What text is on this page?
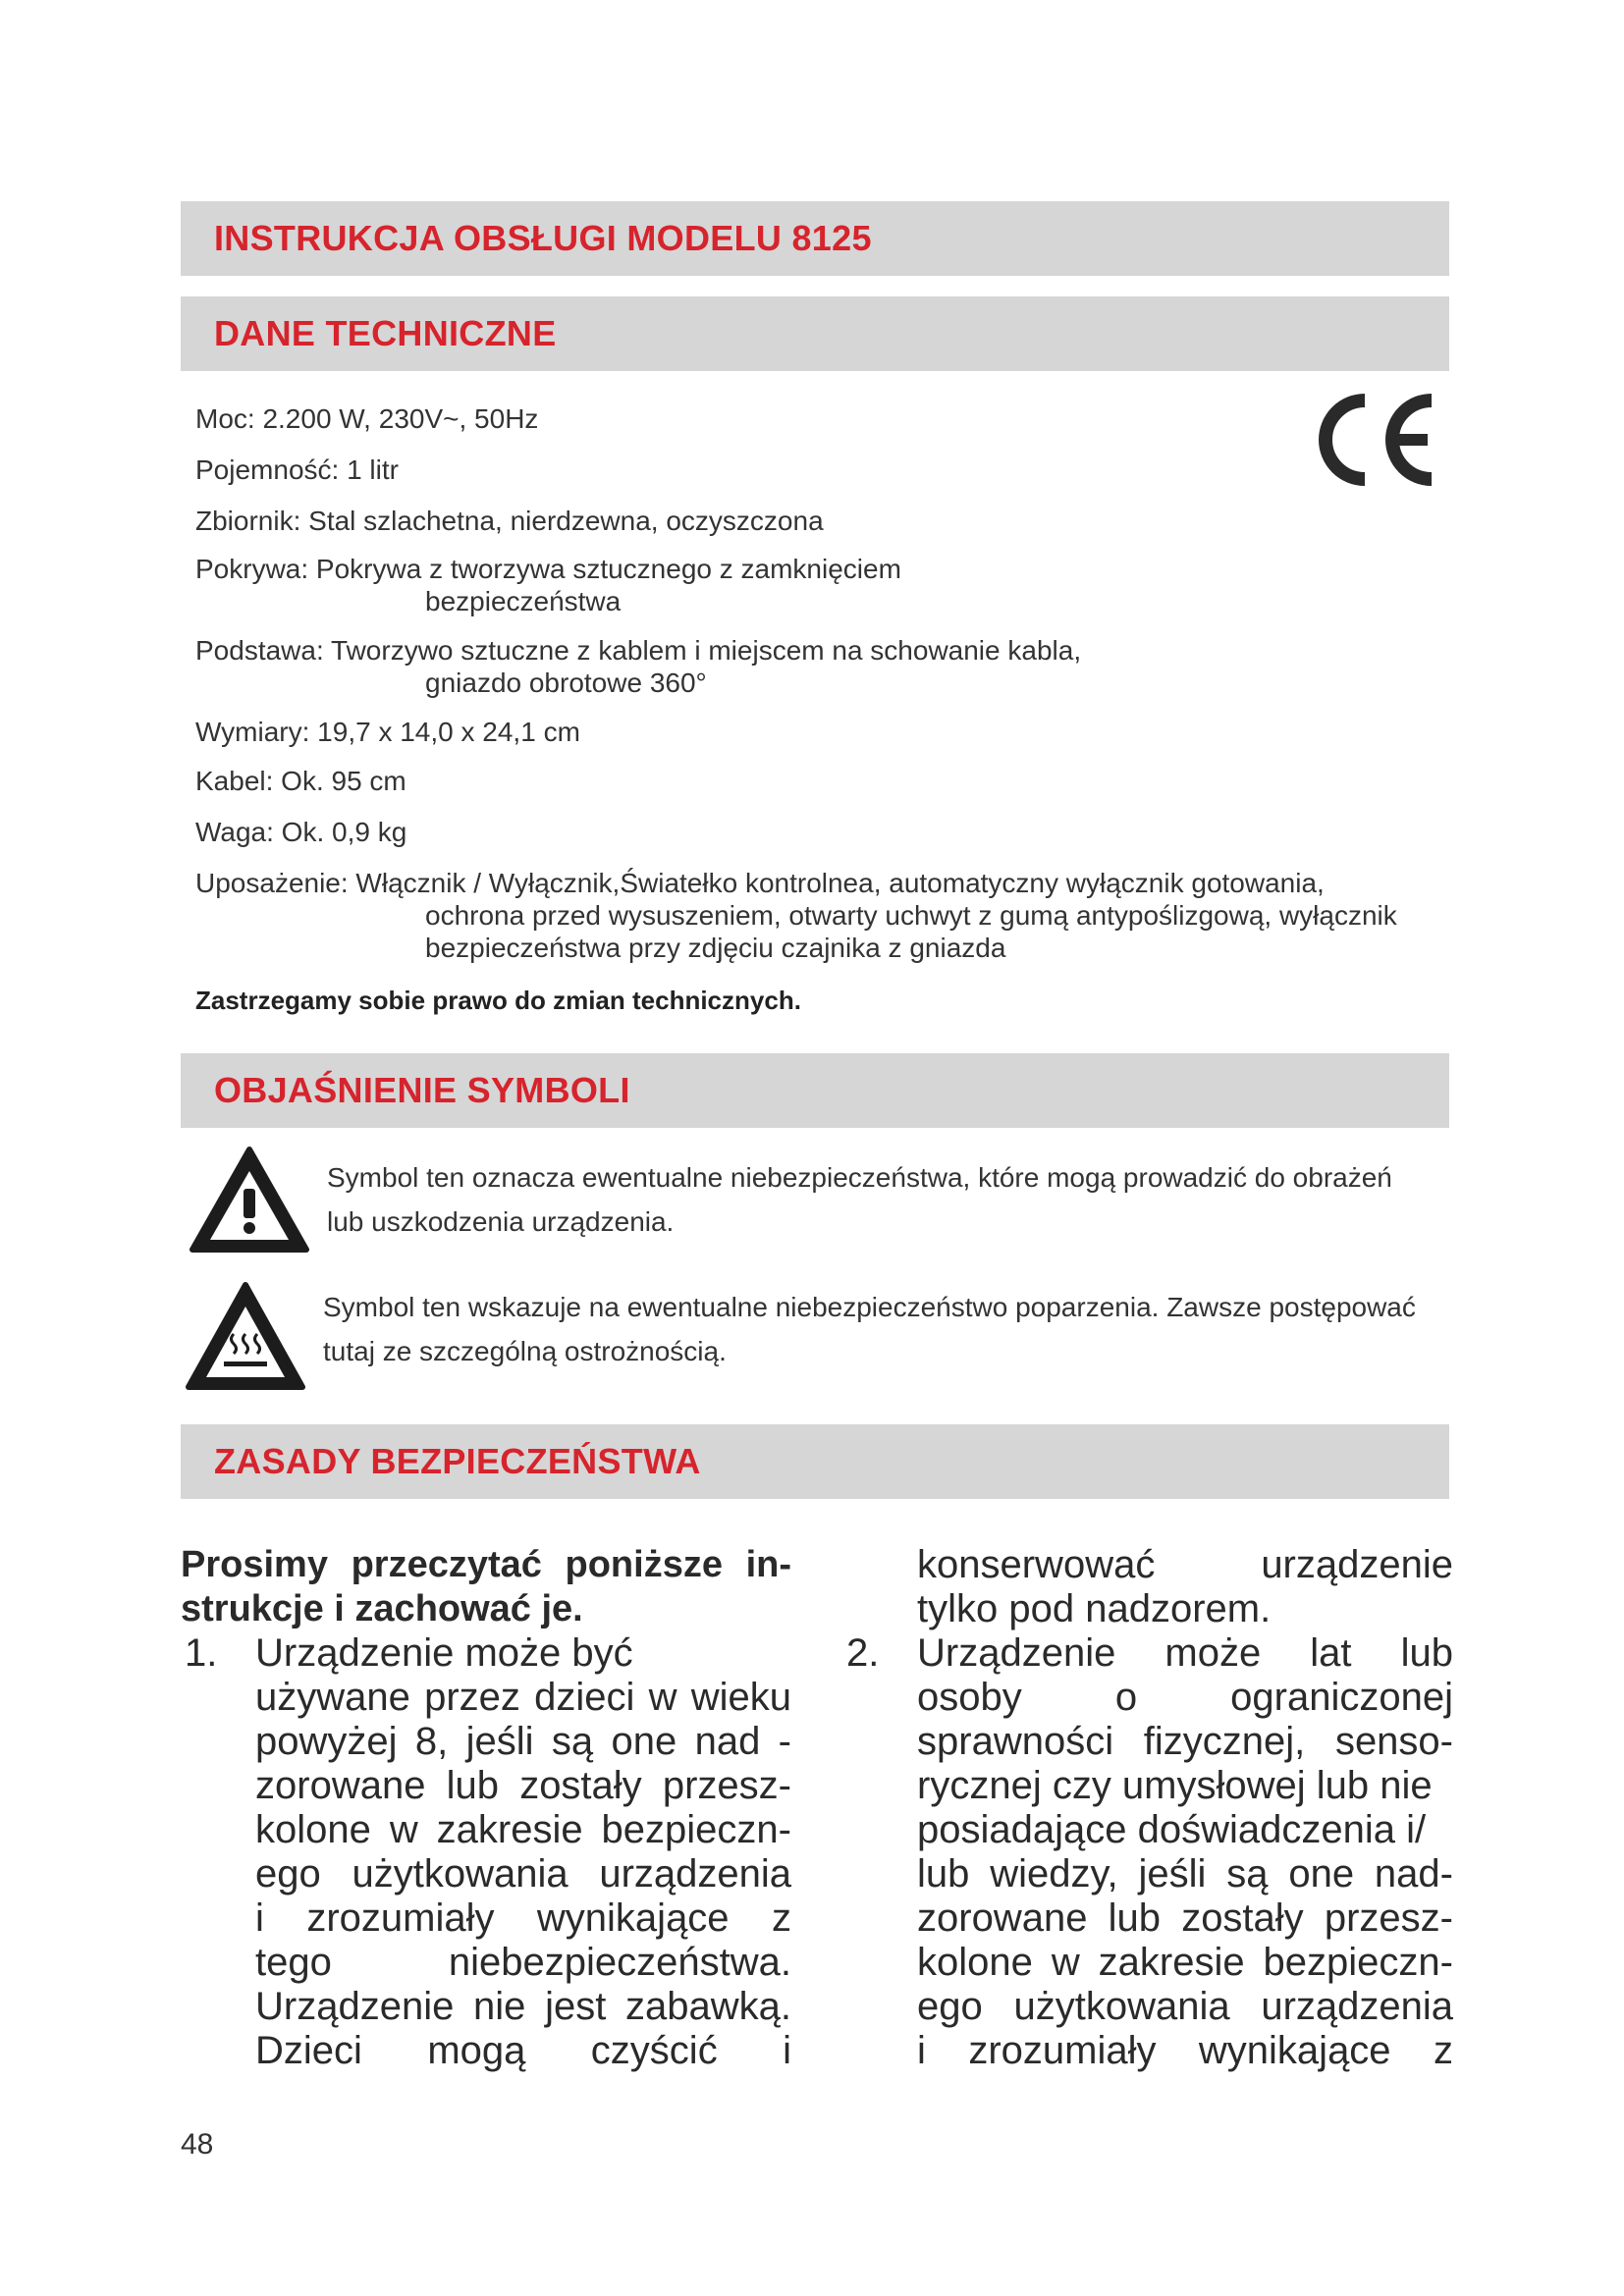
INSTRUKCJA OBSŁUGI MODELU 8125
DANE TECHNICZNE
Moc: 2.200 W, 230V~, 50Hz
Pojemność: 1 litr
Zbiornik: Stal szlachetna, nierdzewna, oczyszczona
Pokrywa: Pokrywa z tworzywa sztucznego z zamknięciem
bezpieczeństwa
Podstawa: Tworzywo sztuczne z kablem i miejscem na schowanie kabla,
gniazdo obrotowe 360°
Wymiary: 19,7 x 14,0 x 24,1 cm
Kabel: Ok. 95 cm
Waga: Ok. 0,9 kg
Uposażenie: Włącznik / Wyłącznik,Światełko kontrolnea, automatyczny wyłącznik gotowania,
ochrona przed wysuszeniem, otwarty uchwyt z gumą antypoślizgową, wyłącznik
bezpieczeństwa przy zdjęciu czajnika z gniazda
Zastrzegamy sobie prawo do zmian technicznych.
OBJAŚNIENIE SYMBOLI
Symbol ten oznacza ewentualne niebezpieczeństwa, które mogą prowadzić do obrażeń
lub uszkodzenia urządzenia.
Symbol ten wskazuje na ewentualne niebezpieczeństwo poparzenia. Zawsze postępować
tutaj ze szczególną ostrożnością.
ZASADY BEZPIECZEŃSTWA
Prosimy przeczytać poniższe in-
strukcje i zachować je.
1. Urządzenie może być
używane przez dzieci w wieku
powyżej 8, jeśli są one nad -
zorowane lub zostały przesz-
kolone w zakresie bezpieczn-
ego użytkowania urządzenia
i zrozumiały wynikające z
tego niebezpieczeństwa.
Urządzenie nie jest zabawką.
Dzieci mogą czyścić i
konserwować urządzenie
tylko pod nadzorem.
2. Urządzenie może lat lub
osoby o ograniczonej
sprawności fizycznej, senso-
rycznej czy umysłowej lub nie
posiadające doświadczenia i/
lub wiedzy, jeśli są one nad-
zorowane lub zostały przesz-
kolone w zakresie bezpieczn-
ego użytkowania urządzenia
i zrozumiały wynikające z
48
